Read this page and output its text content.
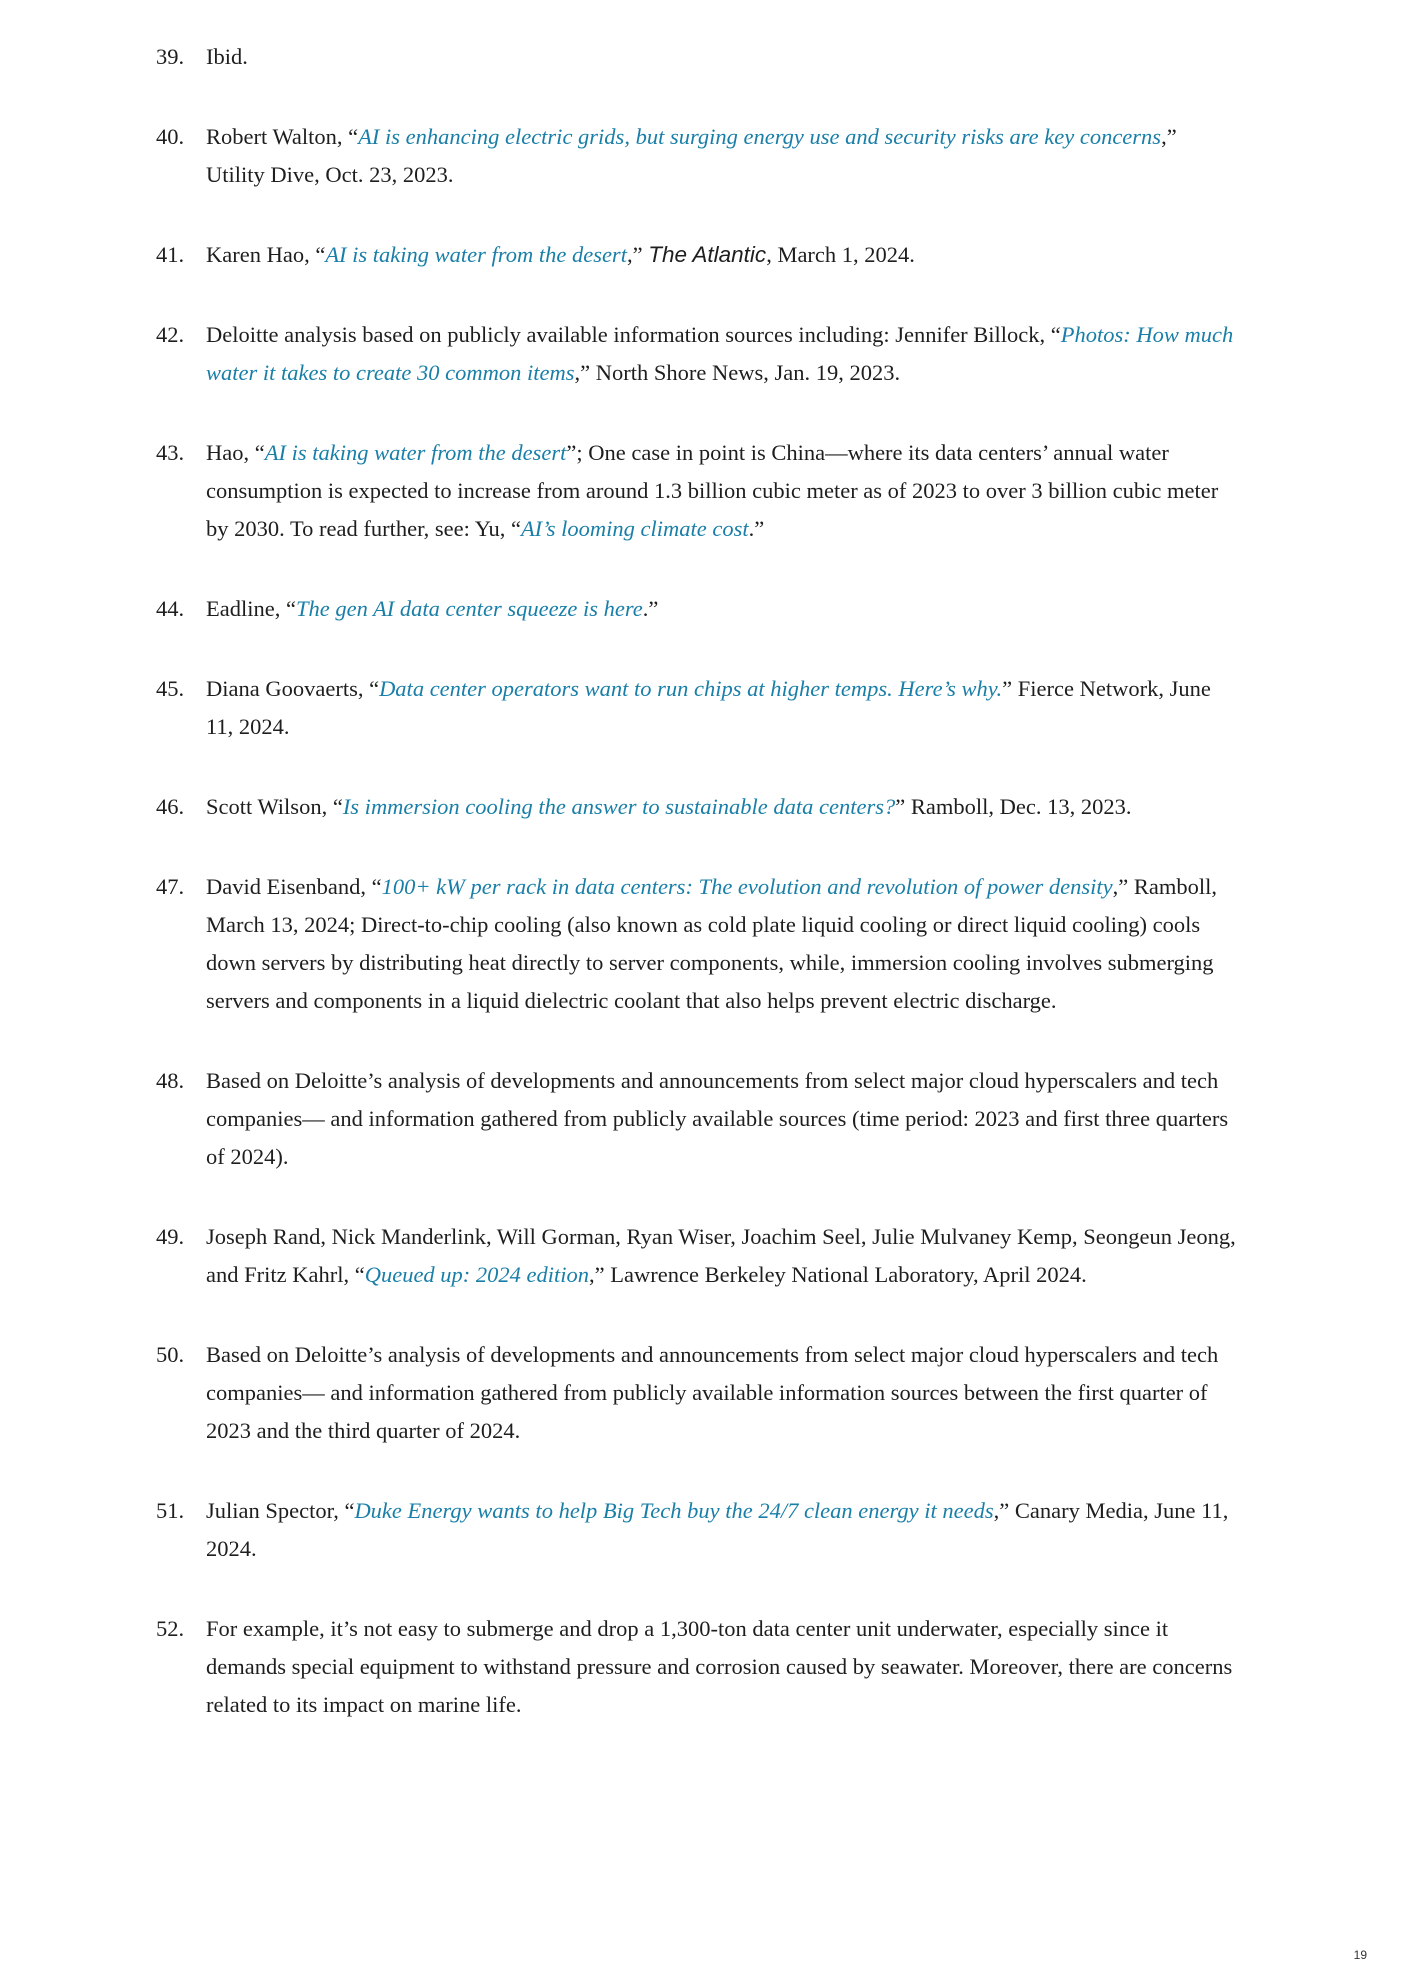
39. Ibid.
40. Robert Walton, “AI is enhancing electric grids, but surging energy use and security risks are key concerns,” Utility Dive, Oct. 23, 2023.
41. Karen Hao, “AI is taking water from the desert,” The Atlantic, March 1, 2024.
42. Deloitte analysis based on publicly available information sources including: Jennifer Billock, “Photos: How much water it takes to create 30 common items,” North Shore News, Jan. 19, 2023.
43. Hao, “AI is taking water from the desert”; One case in point is China—where its data centers’ annual water consumption is expected to increase from around 1.3 billion cubic meter as of 2023 to over 3 billion cubic meter by 2030. To read further, see: Yu, “AI’s looming climate cost.”
44. Eadline, “The gen AI data center squeeze is here.”
45. Diana Goovaerts, “Data center operators want to run chips at higher temps. Here’s why.” Fierce Network, June 11, 2024.
46. Scott Wilson, “Is immersion cooling the answer to sustainable data centers?” Ramboll, Dec. 13, 2023.
47. David Eisenband, “100+ kW per rack in data centers: The evolution and revolution of power density,” Ramboll, March 13, 2024; Direct-to-chip cooling (also known as cold plate liquid cooling or direct liquid cooling) cools down servers by distributing heat directly to server components, while, immersion cooling involves submerging servers and components in a liquid dielectric coolant that also helps prevent electric discharge.
48. Based on Deloitte’s analysis of developments and announcements from select major cloud hyperscalers and tech companies— and information gathered from publicly available sources (time period: 2023 and first three quarters of 2024).
49. Joseph Rand, Nick Manderlink, Will Gorman, Ryan Wiser, Joachim Seel, Julie Mulvaney Kemp, Seongeun Jeong, and Fritz Kahrl, “Queued up: 2024 edition,” Lawrence Berkeley National Laboratory, April 2024.
50. Based on Deloitte’s analysis of developments and announcements from select major cloud hyperscalers and tech companies— and information gathered from publicly available information sources between the first quarter of 2023 and the third quarter of 2024.
51. Julian Spector, “Duke Energy wants to help Big Tech buy the 24/7 clean energy it needs,” Canary Media, June 11, 2024.
52. For example, it’s not easy to submerge and drop a 1,300-ton data center unit underwater, especially since it demands special equipment to withstand pressure and corrosion caused by seawater. Moreover, there are concerns related to its impact on marine life.
19
